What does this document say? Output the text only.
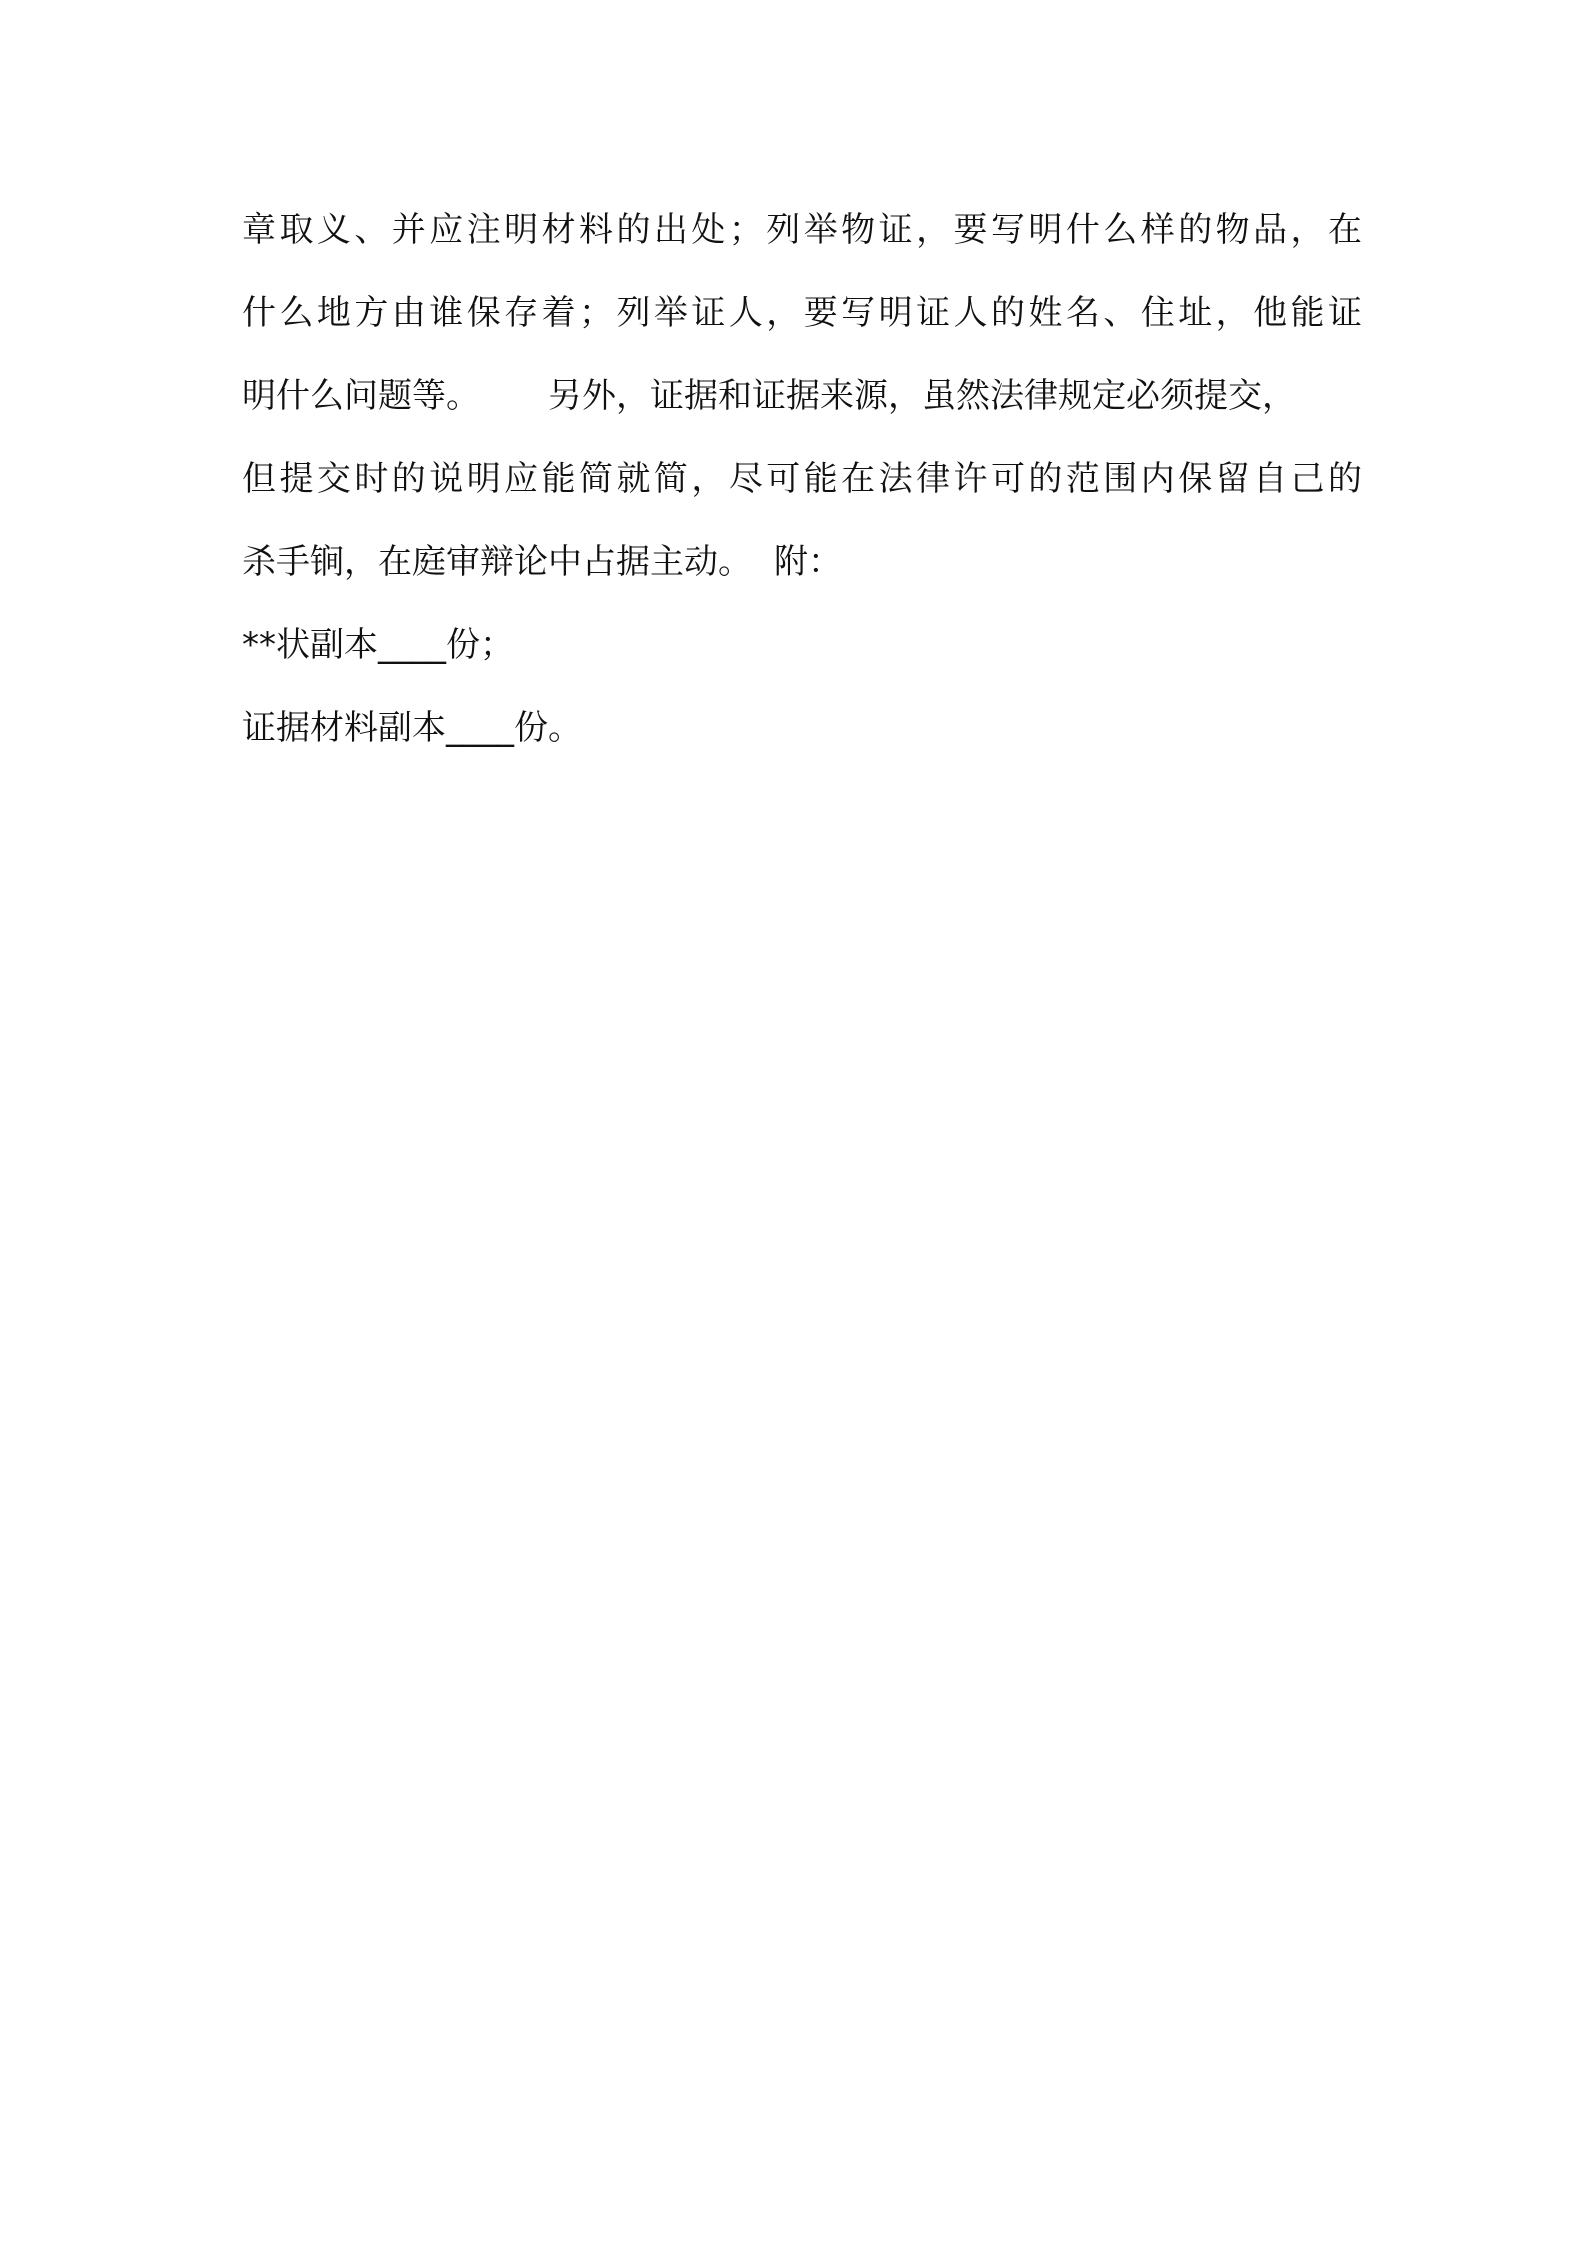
章取义、并应注明材料的出处；列举物证，要写明什么样的物品，在
什么地方由谁保存着；列举证人，要写明证人的姓名、住址，他能证
明什么问题等。 另外，证据和证据来源，虽然法律规定必须提交，
但提交时的说明应能简就简，尽可能在法律许可的范围内保留自己的
杀手锏，在庭审辩论中占据主动。 附：
**状副本____份；
证据材料副本____份。
